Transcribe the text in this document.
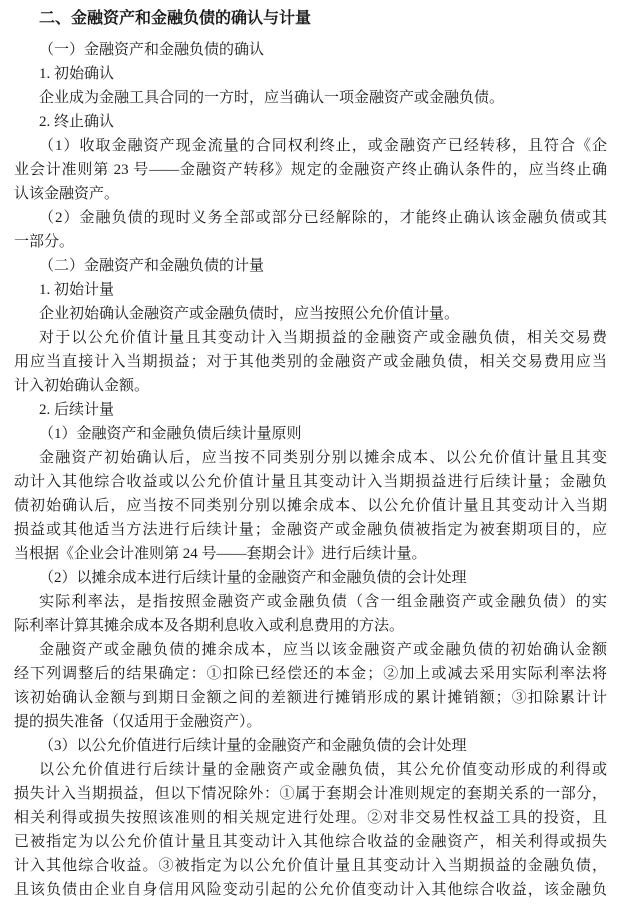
二、金融资产和金融负债的确认与计量
（一）金融资产和金融负债的确认
1. 初始确认
企业成为金融工具合同的一方时，应当确认一项金融资产或金融负债。
2. 终止确认
（1）收取金融资产现金流量的合同权利终止，或金融资产已经转移，且符合《企
业会计准则第 23 号——金融资产转移》规定的金融资产终止确认条件的，应当终止确
认该金融资产。
（2）金融负债的现时义务全部或部分已经解除的，才能终止确认该金融负债或其
一部分。
（二）金融资产和金融负债的计量
1. 初始计量
企业初始确认金融资产或金融负债时，应当按照公允价值计量。
对于以公允价值计量且其变动计入当期损益的金融资产或金融负债，相关交易费
用应当直接计入当期损益；对于其他类别的金融资产或金融负债，相关交易费用应当
计入初始确认金额。
2. 后续计量
（1）金融资产和金融负债后续计量原则
金融资产初始确认后，应当按不同类别分别以摊余成本、以公允价值计量且其变
动计入其他综合收益或以公允价值计量且其变动计入当期损益进行后续计量；金融负
债初始确认后，应当按不同类别分别以摊余成本、以公允价值计量且其变动计入当期
损益或其他适当方法进行后续计量；金融资产或金融负债被指定为被套期项目的，应
当根据《企业会计准则第 24 号——套期会计》进行后续计量。
（2）以摊余成本进行后续计量的金融资产和金融负债的会计处理
实际利率法，是指按照金融资产或金融负债（含一组金融资产或金融负债）的实
际利率计算其摊余成本及各期利息收入或利息费用的方法。
金融资产或金融负债的摊余成本，应当以该金融资产或金融负债的初始确认金额
经下列调整后的结果确定：①扣除已经偿还的本金；②加上或减去采用实际利率法将
该初始确认金额与到期日金额之间的差额进行摊销形成的累计摊销额；③扣除累计计
提的损失准备（仅适用于金融资产）。
（3）以公允价值进行后续计量的金融资产和金融负债的会计处理
以公允价值进行后续计量的金融资产或金融负债，其公允价值变动形成的利得或
损失计入当期损益，但以下情况除外：①属于套期会计准则规定的套期关系的一部分，
相关利得或损失按照该准则的相关规定进行处理。②对非交易性权益工具的投资，且
已被指定为以公允价值计量且其变动计入其他综合收益的金融资产，相关利得或损失
计入其他综合收益。③被指定为以公允价值计量且其变动计入当期损益的金融负债，
且该负债由企业自身信用风险变动引起的公允价值变动计入其他综合收益，该金融负
